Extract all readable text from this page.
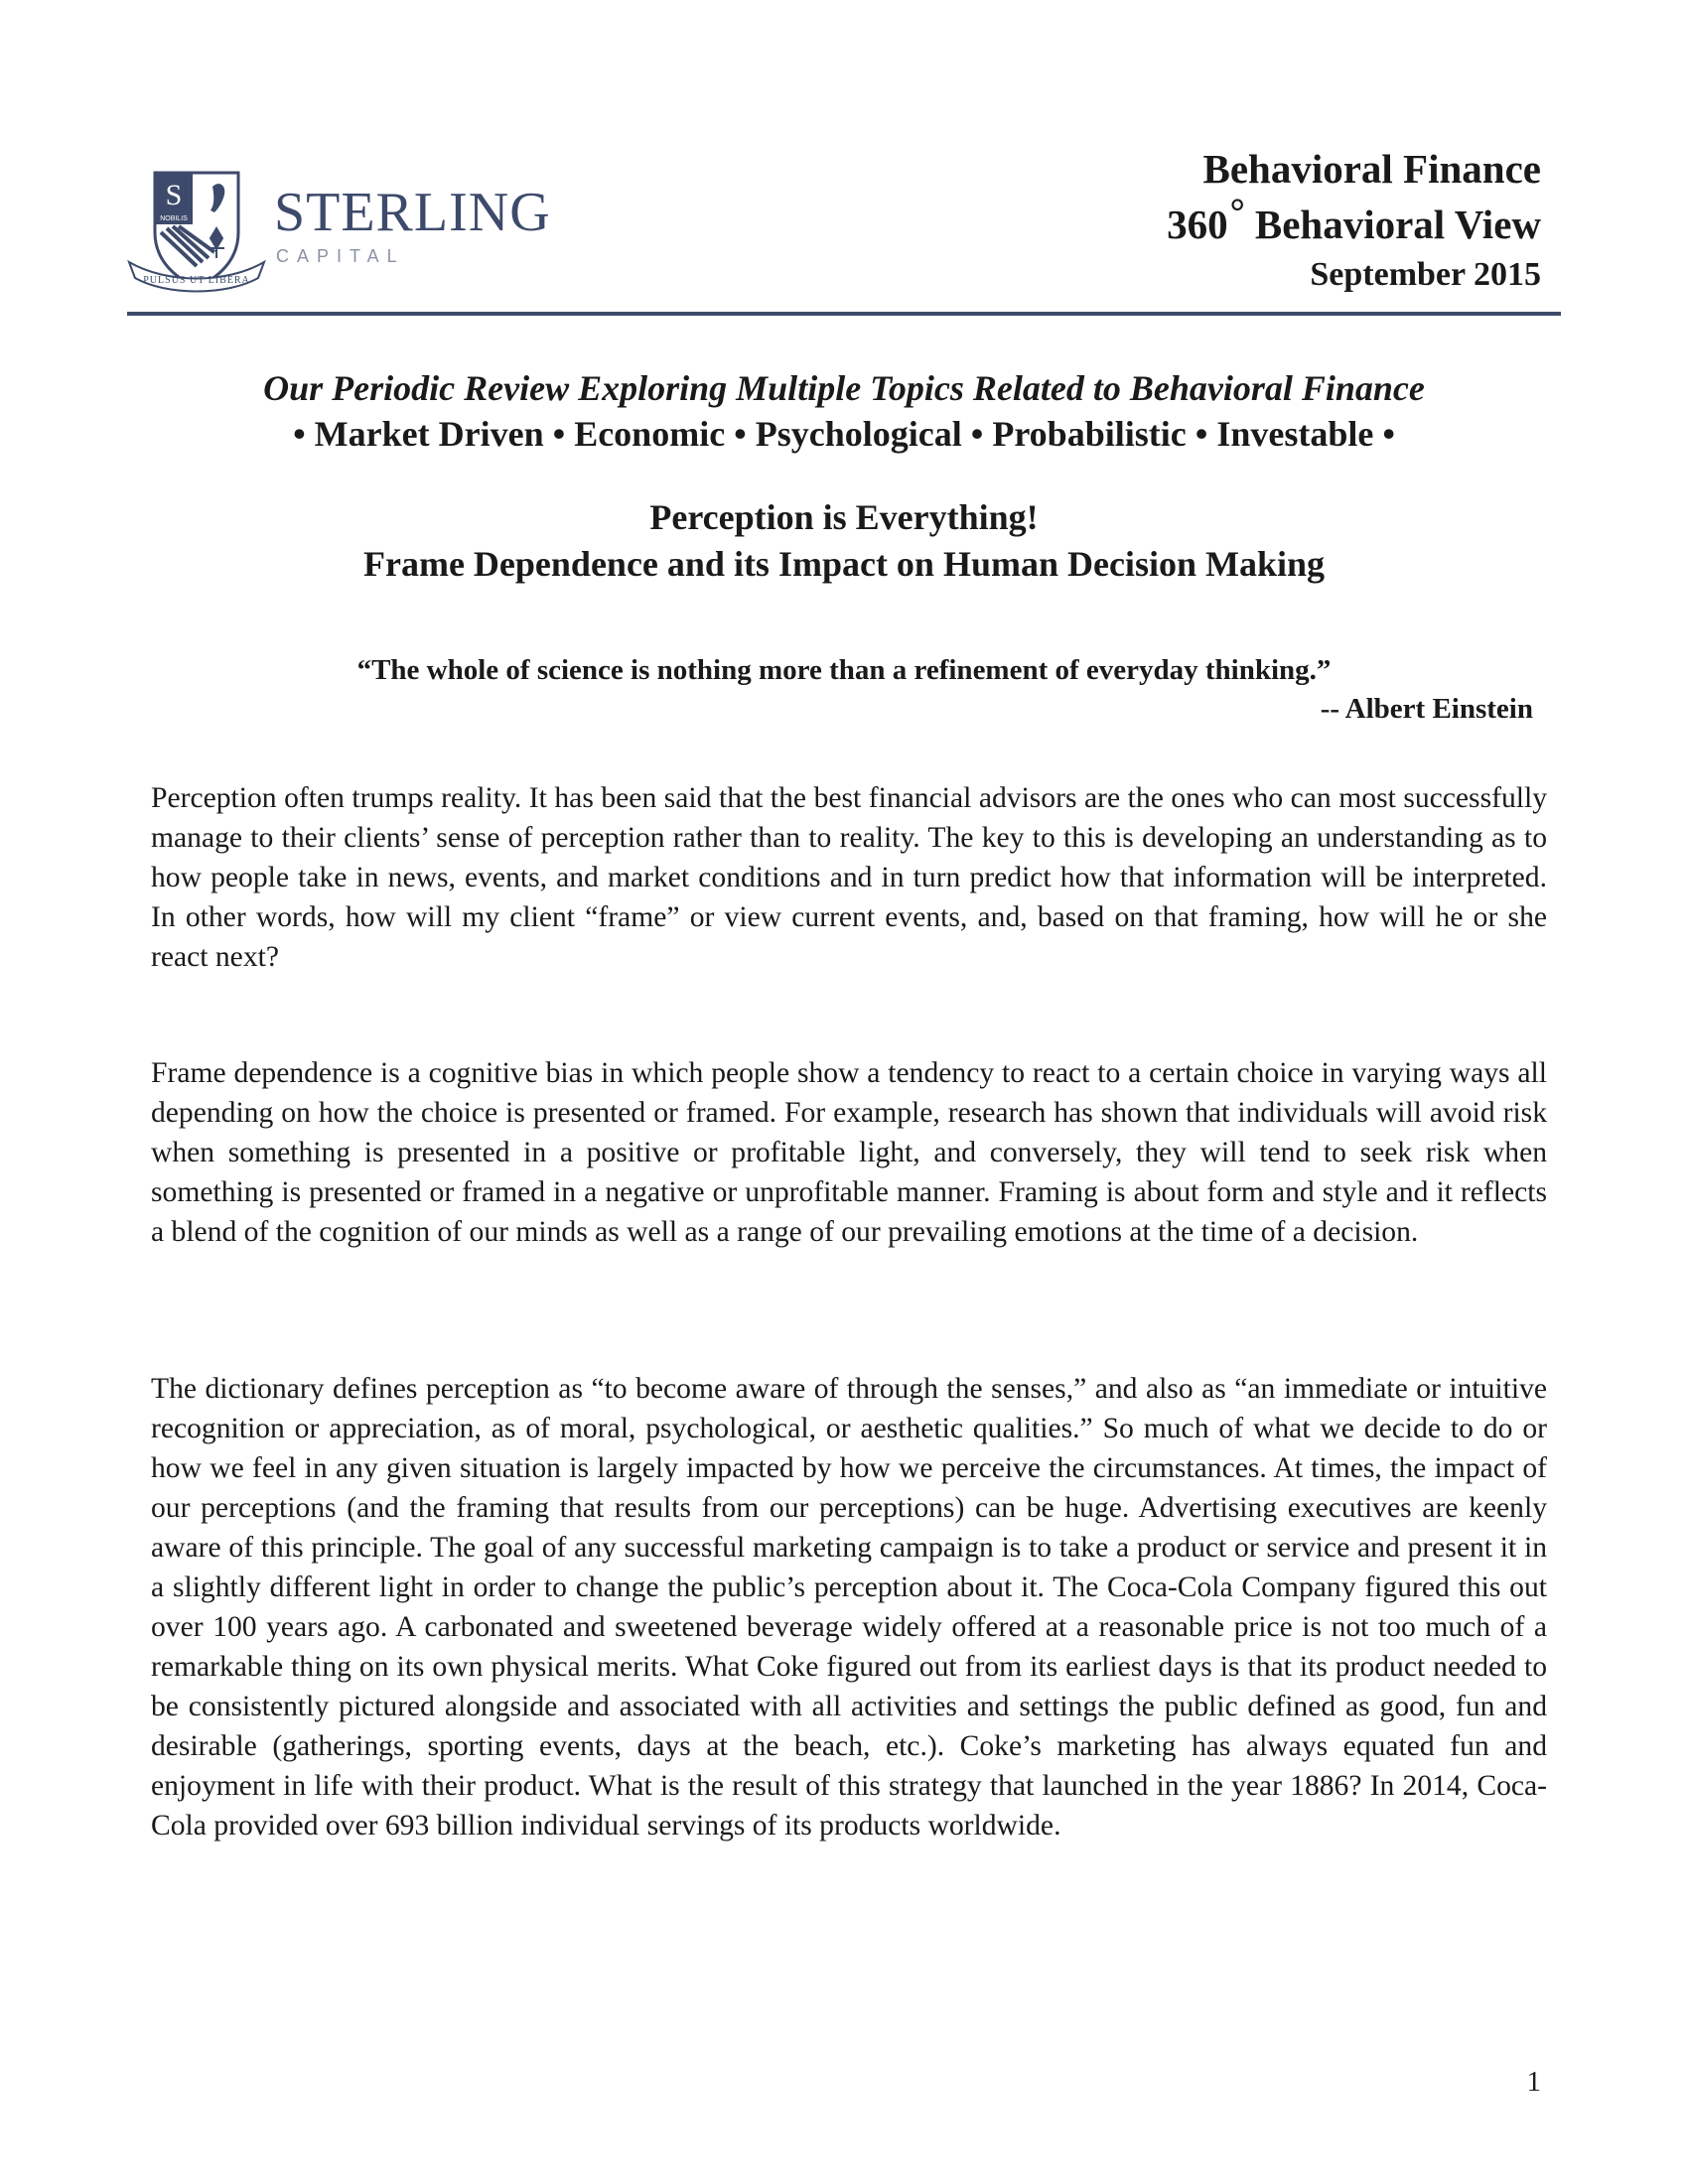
S
NOBILIS
PULSUS UT LIBERA
STERLING
CAPITAL
Behavioral Finance
360° Behavioral View
September 2015
Our Periodic Review Exploring Multiple Topics Related to Behavioral Finance
• Market Driven • Economic • Psychological • Probabilistic • Investable •
Perception is Everything!
Frame Dependence and its Impact on Human Decision Making
“The whole of science is nothing more than a refinement of everyday thinking.”
-- Albert Einstein

Perception often trumps reality. It has been said that the best financial advisors are the ones who can most successfully manage to their clients’ sense of perception rather than to reality. The key to this is developing an understanding as to how people take in news, events, and market conditions and in turn predict how that information will be interpreted. In other words, how will my client “frame” or view current events, and, based on that framing, how will he or she react next?

Frame dependence is a cognitive bias in which people show a tendency to react to a certain choice in varying ways all depending on how the choice is presented or framed. For example, research has shown that individuals will avoid risk when something is presented in a positive or profitable light, and conversely, they will tend to seek risk when something is presented or framed in a negative or unprofitable manner. Framing is about form and style and it reflects a blend of the cognition of our minds as well as a range of our prevailing emotions at the time of a decision.

The dictionary defines perception as “to become aware of through the senses,” and also as “an immediate or intuitive recognition or appreciation, as of moral, psychological, or aesthetic qualities.” So much of what we decide to do or how we feel in any given situation is largely impacted by how we perceive the circumstances. At times, the impact of our perceptions (and the framing that results from our perceptions) can be huge. Advertising executives are keenly aware of this principle. The goal of any successful marketing campaign is to take a product or service and present it in a slightly different light in order to change the public’s perception about it. The Coca-Cola Company figured this out over 100 years ago. A carbonated and sweetened beverage widely offered at a reasonable price is not too much of a remarkable thing on its own physical merits. What Coke figured out from its earliest days is that its product needed to be consistently pictured alongside and associated with all activities and settings the public defined as good, fun and desirable (gatherings, sporting events, days at the beach, etc.). Coke’s marketing has always equated fun and enjoyment in life with their product. What is the result of this strategy that launched in the year 1886? In 2014, Coca-Cola provided over 693 billion individual servings of its products worldwide.

1
